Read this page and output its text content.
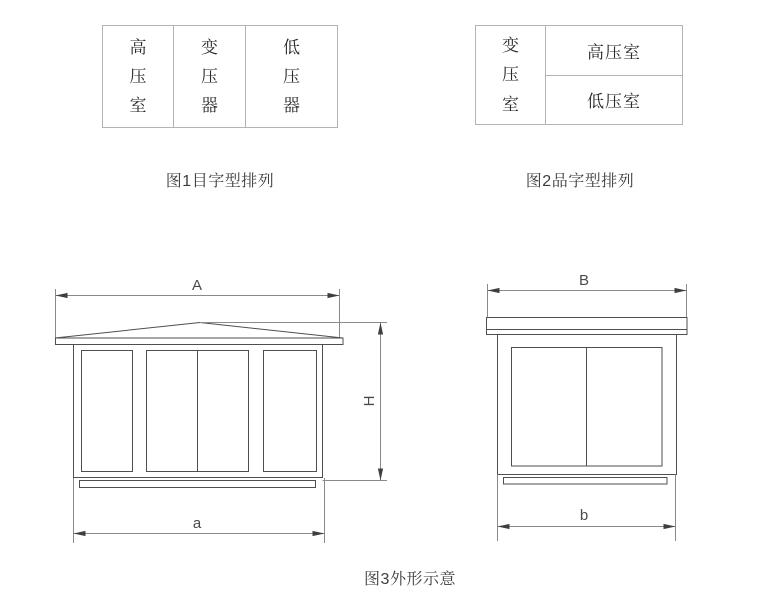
高压室
变压器
低压器
变压室
高压室
低压室
图1目字型排列	图2品字型排列
图3外形示意
A
H
a
B
b
